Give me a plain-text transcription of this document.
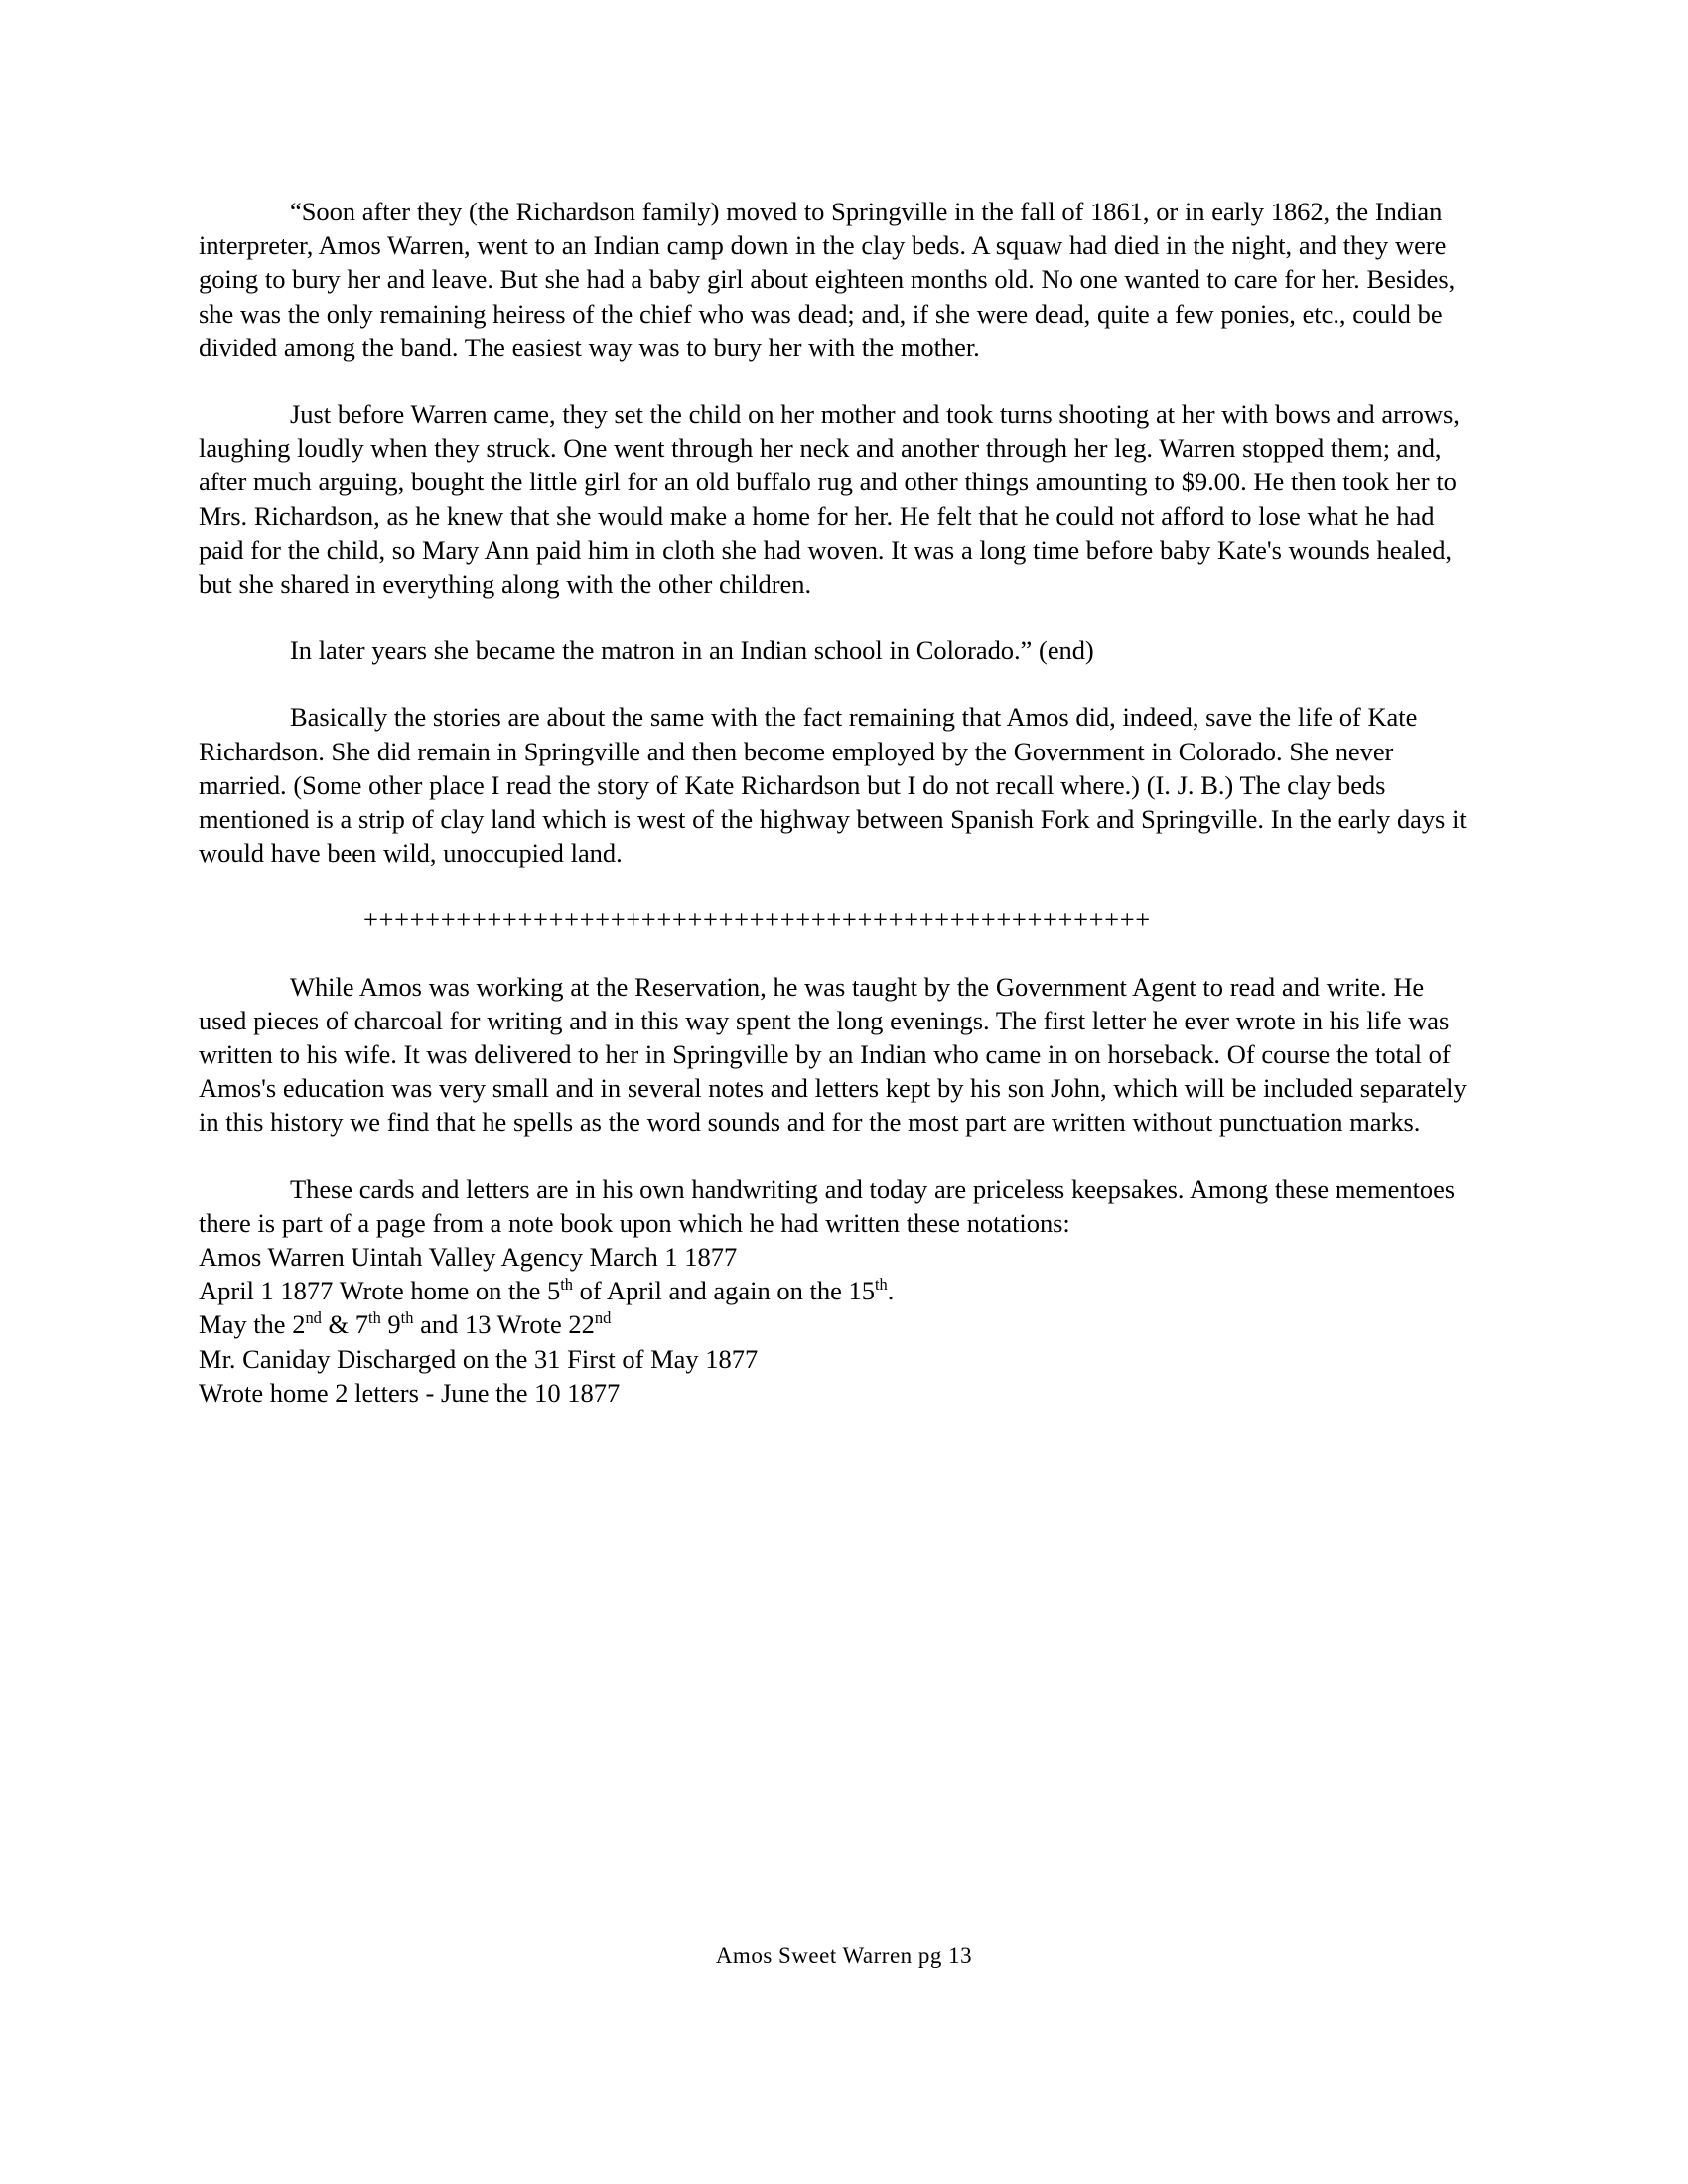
“Soon after they (the Richardson family) moved to Springville in the fall of 1861, or in early 1862, the Indian interpreter, Amos Warren, went to an Indian camp down in the clay beds. A squaw had died in the night, and they were going to bury her and leave. But she had a baby girl about eighteen months old. No one wanted to care for her. Besides, she was the only remaining heiress of the chief who was dead; and, if she were dead, quite a few ponies, etc., could be divided among the band. The easiest way was to bury her with the mother.

Just before Warren came, they set the child on her mother and took turns shooting at her with bows and arrows, laughing loudly when they struck. One went through her neck and another through her leg. Warren stopped them; and, after much arguing, bought the little girl for an old buffalo rug and other things amounting to $9.00. He then took her to Mrs. Richardson, as he knew that she would make a home for her. He felt that he could not afford to lose what he had paid for the child, so Mary Ann paid him in cloth she had woven. It was a long time before baby Kate's wounds healed, but she shared in everything along with the other children.

In later years she became the matron in an Indian school in Colorado.” (end)

Basically the stories are about the same with the fact remaining that Amos did, indeed, save the life of Kate Richardson. She did remain in Springville and then become employed by the Government in Colorado. She never married. (Some other place I read the story of Kate Richardson but I do not recall where.) (I. J. B.) The clay beds mentioned is a strip of clay land which is west of the highway between Spanish Fork and Springville. In the early days it would have been wild, unoccupied land.

+++++++++++++++++++++++++++++++++++++++++++++++++++

While Amos was working at the Reservation, he was taught by the Government Agent to read and write. He used pieces of charcoal for writing and in this way spent the long evenings. The first letter he ever wrote in his life was written to his wife. It was delivered to her in Springville by an Indian who came in on horseback. Of course the total of Amos's education was very small and in several notes and letters kept by his son John, which will be included separately in this history we find that he spells as the word sounds and for the most part are written without punctuation marks.

These cards and letters are in his own handwriting and today are priceless keepsakes. Among these mementoes there is part of a page from a note book upon which he had written these notations:

Amos Warren Uintah Valley Agency March 1 1877

April 1 1877 Wrote home on the 5th of April and again on the 15th.

May the 2nd & 7th 9th and 13 Wrote 22nd

Mr. Caniday Discharged on the 31 First of May 1877

Wrote home 2 letters - June the 10 1877

Amos Sweet Warren pg 13
